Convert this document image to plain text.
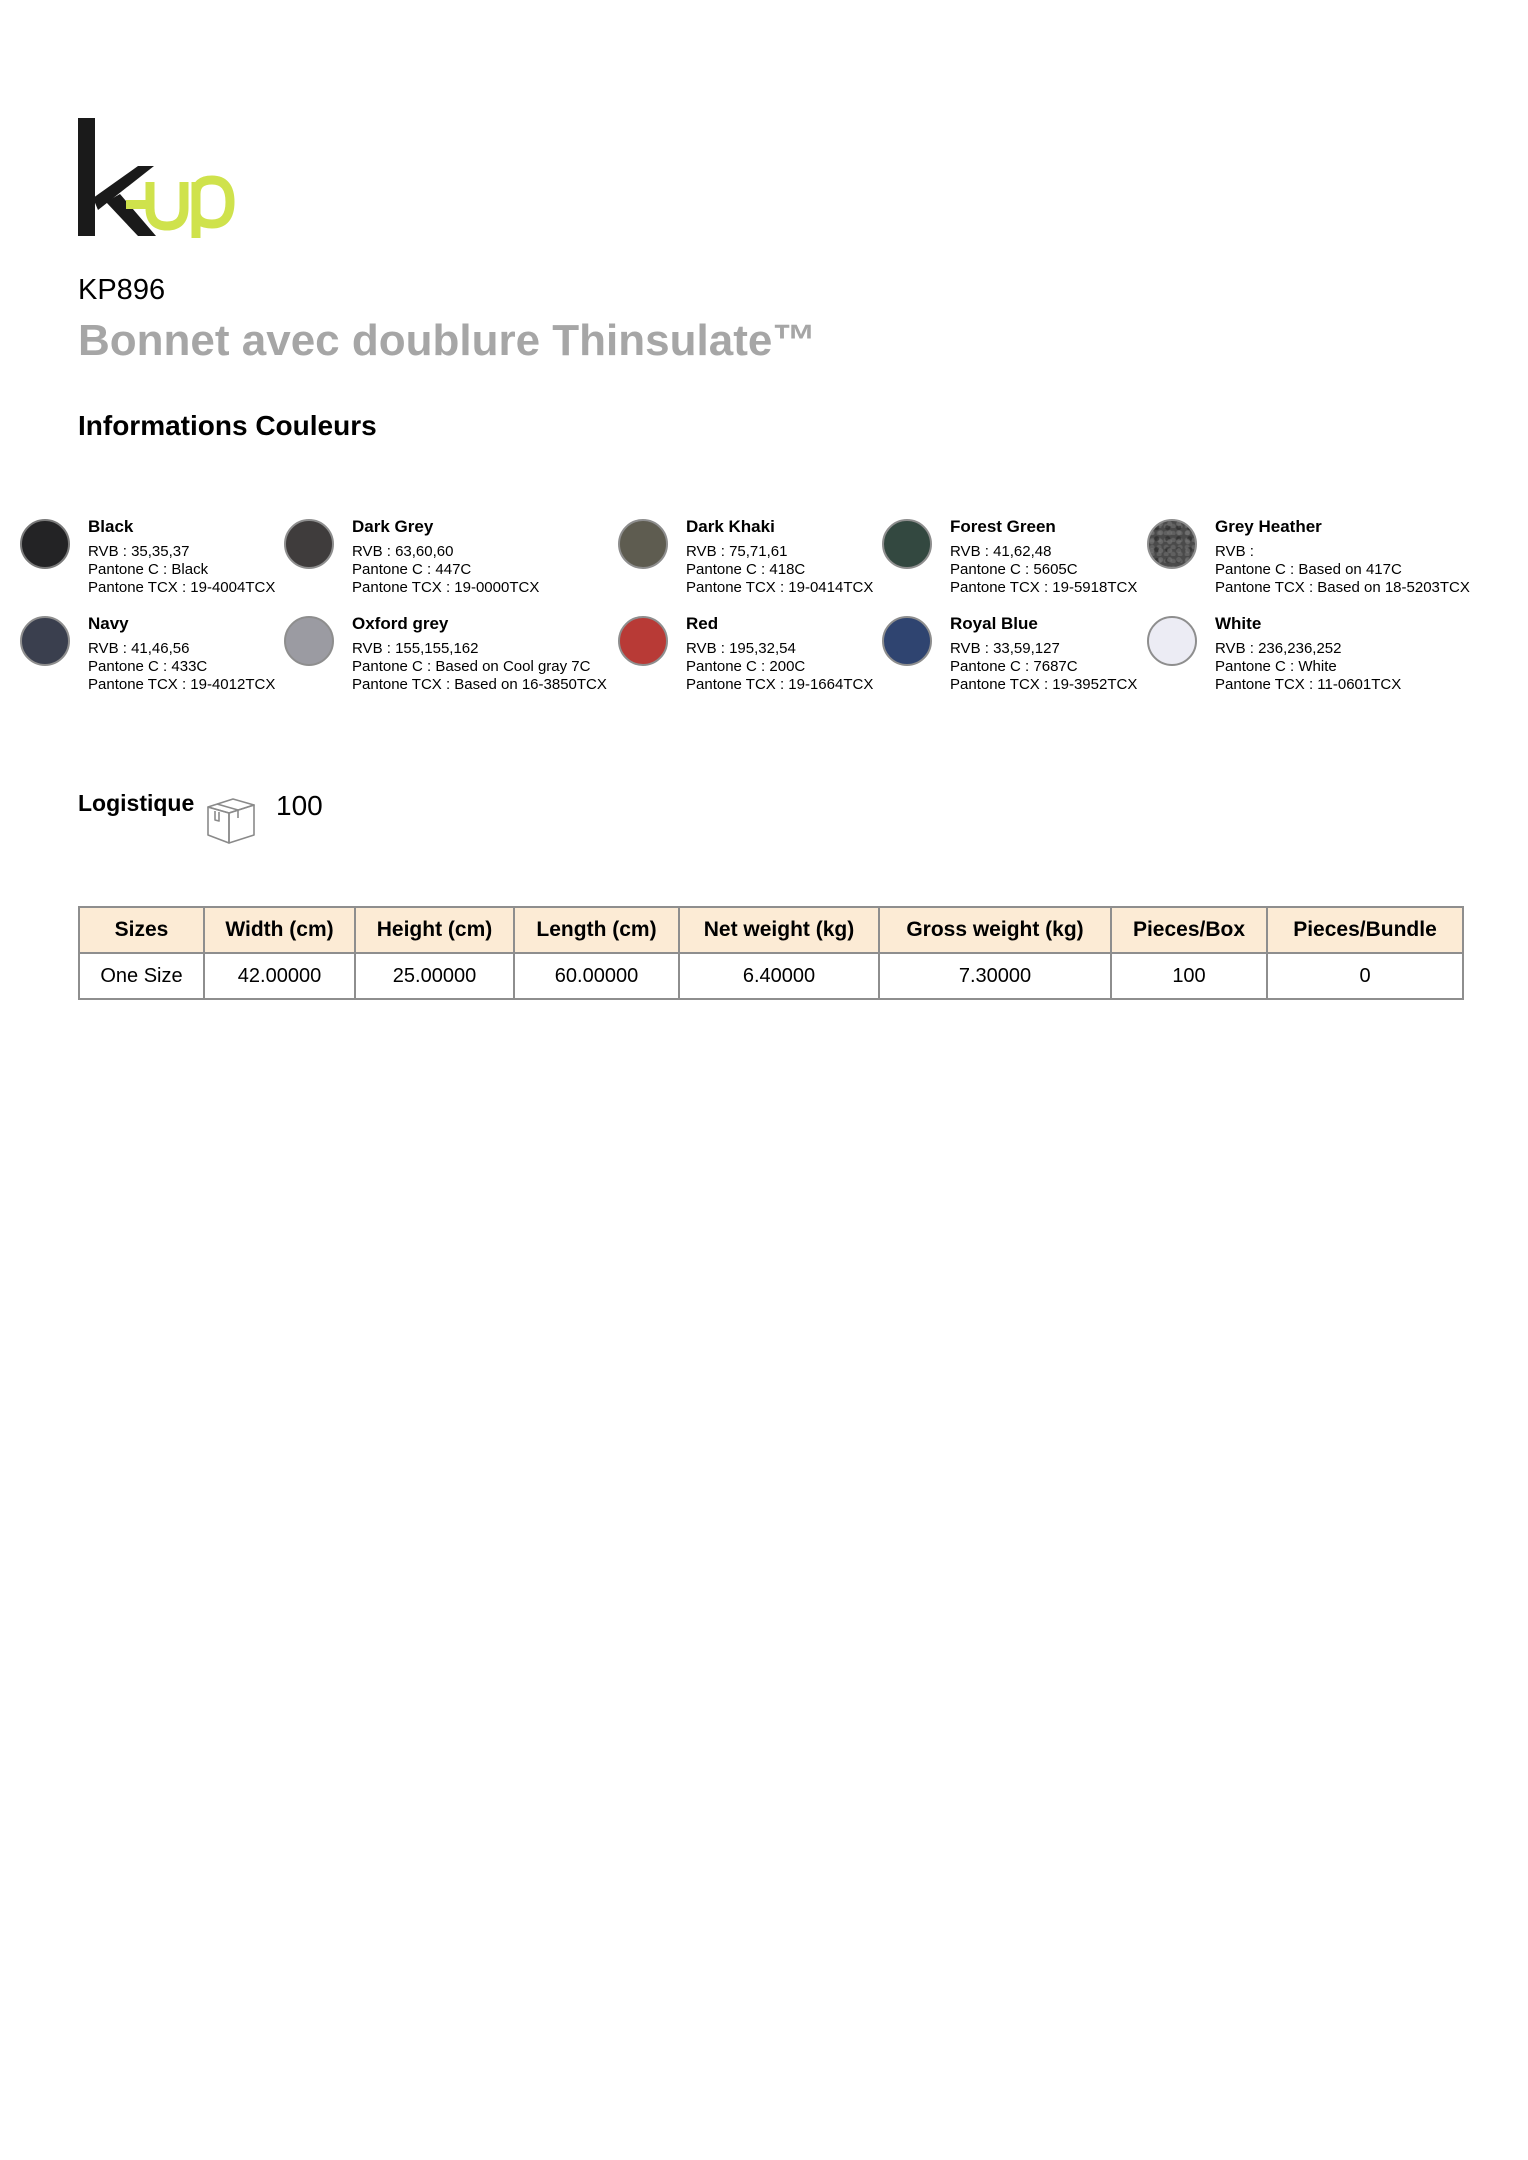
KP896
Bonnet avec doublure Thinsulate™
Informations Couleurs
Black
RVB : 35,35,37
Pantone C : Black
Pantone TCX : 19-4004TCX
Dark Grey
RVB : 63,60,60
Pantone C : 447C
Pantone TCX : 19-0000TCX
Dark Khaki
RVB : 75,71,61
Pantone C : 418C
Pantone TCX : 19-0414TCX
Forest Green
RVB : 41,62,48
Pantone C : 5605C
Pantone TCX : 19-5918TCX
Grey Heather
RVB :
Pantone C : Based on 417C
Pantone TCX : Based on 18-5203TCX
Navy
RVB : 41,46,56
Pantone C : 433C
Pantone TCX : 19-4012TCX
Oxford grey
RVB : 155,155,162
Pantone C : Based on Cool gray 7C
Pantone TCX : Based on 16-3850TCX
Red
RVB : 195,32,54
Pantone C : 200C
Pantone TCX : 19-1664TCX
Royal Blue
RVB : 33,59,127
Pantone C : 7687C
Pantone TCX : 19-3952TCX
White
RVB : 236,236,252
Pantone C : White
Pantone TCX : 11-0601TCX
Logistique	100
Sizes	Width (cm)	Height (cm)	Length (cm)	Net weight (kg)	Gross weight (kg)	Pieces/Box	Pieces/Bundle
One Size	42.00000	25.00000	60.00000	6.40000	7.30000	100	0
